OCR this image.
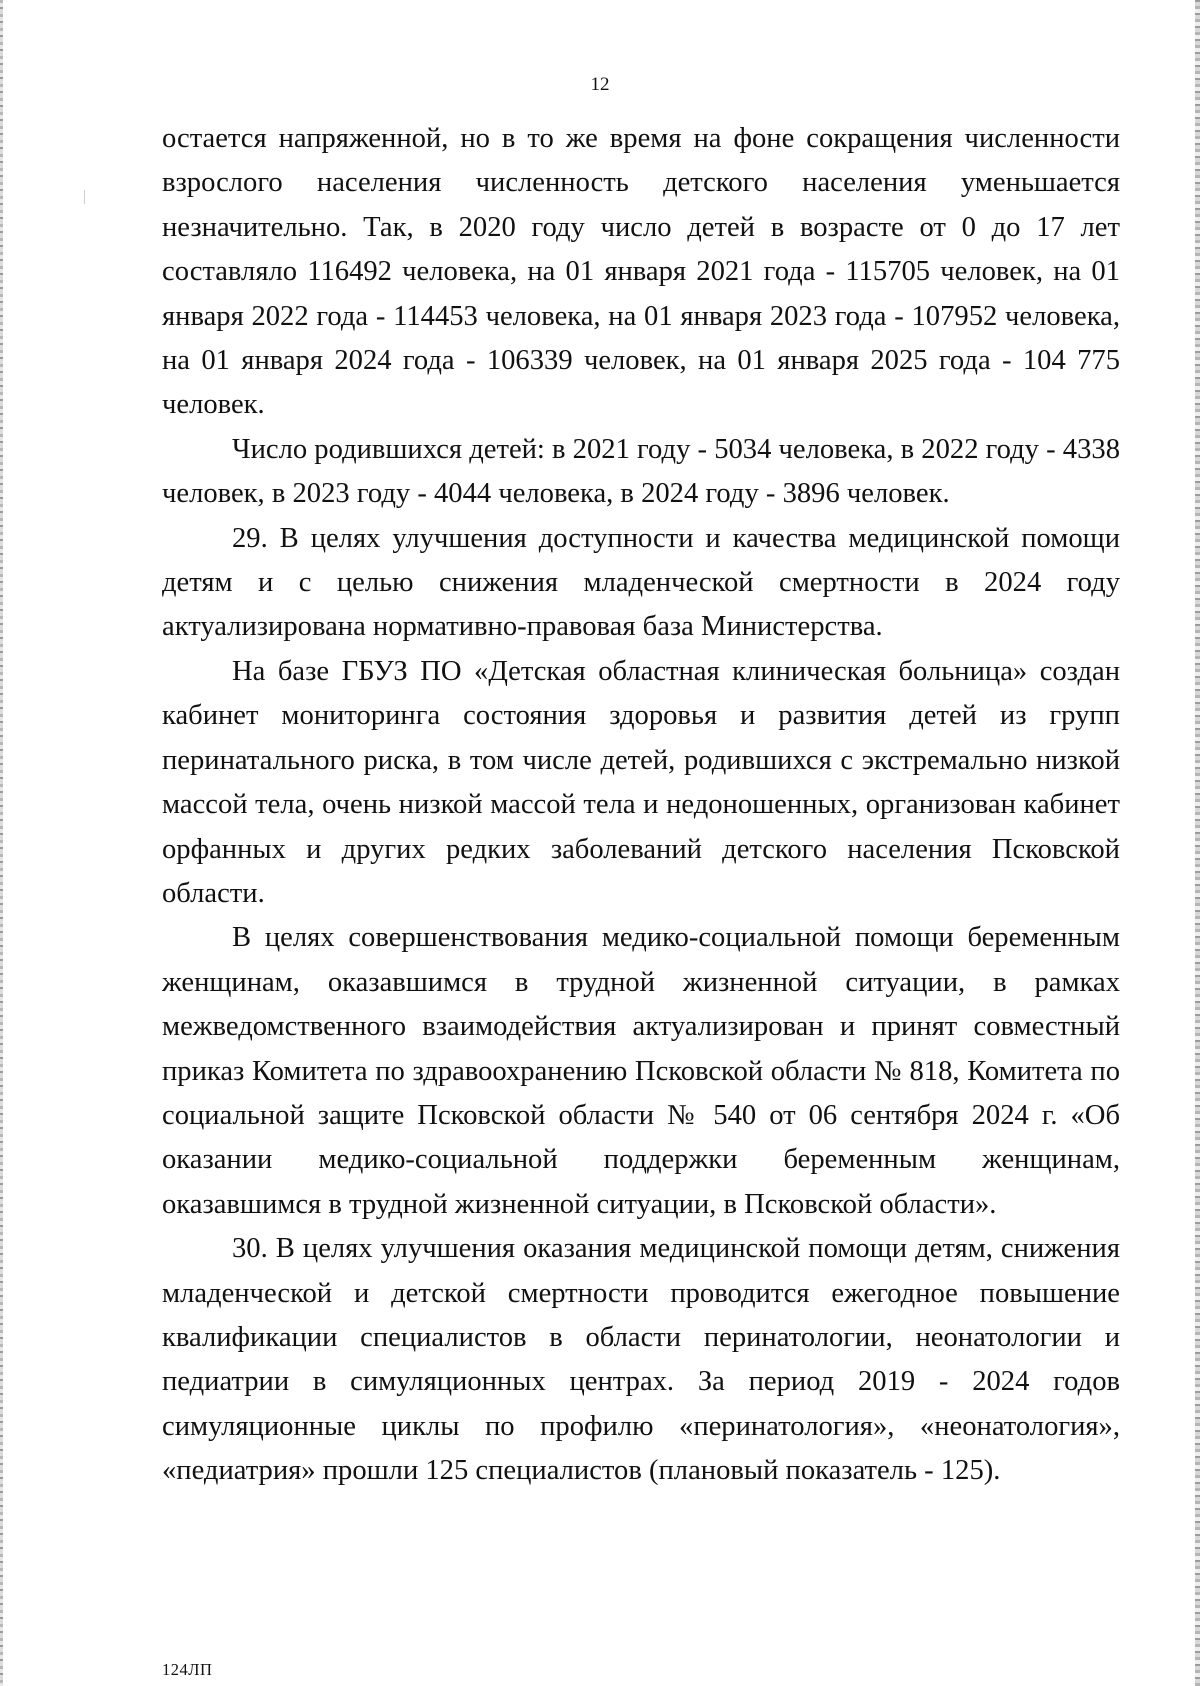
12

остается напряженной, но в то же время на фоне сокращения численности взрослого населения численность детского населения уменьшается незначительно. Так, в 2020 году число детей в возрасте от 0 до 17 лет составляло 116492 человека, на 01 января 2021 года - 115705 человек, на 01 января 2022 года - 114453 человека, на 01 января 2023 года - 107952 человека, на 01 января 2024 года - 106339 человек, на 01 января 2025 года - 104 775 человек.

Число родившихся детей: в 2021 году - 5034 человека, в 2022 году - 4338 человек, в 2023 году - 4044 человека, в 2024 году - 3896 человек.

29. В целях улучшения доступности и качества медицинской помощи детям и с целью снижения младенческой смертности в 2024 году актуализирована нормативно-правовая база Министерства.

На базе ГБУЗ ПО «Детская областная клиническая больница» создан кабинет мониторинга состояния здоровья и развития детей из групп перинатального риска, в том числе детей, родившихся с экстремально низкой массой тела, очень низкой массой тела и недоношенных, организован кабинет орфанных и других редких заболеваний детского населения Псковской области.

В целях совершенствования медико-социальной помощи беременным женщинам, оказавшимся в трудной жизненной ситуации, в рамках межведомственного взаимодействия актуализирован и принят совместный приказ Комитета по здравоохранению Псковской области № 818, Комитета по социальной защите Псковской области № 540 от 06 сентября 2024 г. «Об оказании медико-социальной поддержки беременным женщинам, оказавшимся в трудной жизненной ситуации, в Псковской области».

30. В целях улучшения оказания медицинской помощи детям, снижения младенческой и детской смертности проводится ежегодное повышение квалификации специалистов в области перинатологии, неонатологии и педиатрии в симуляционных центрах. За период 2019 - 2024 годов симуляционные циклы по профилю «перинатология», «неонатология», «педиатрия» прошли 125 специалистов (плановый показатель - 125).

124ЛП
